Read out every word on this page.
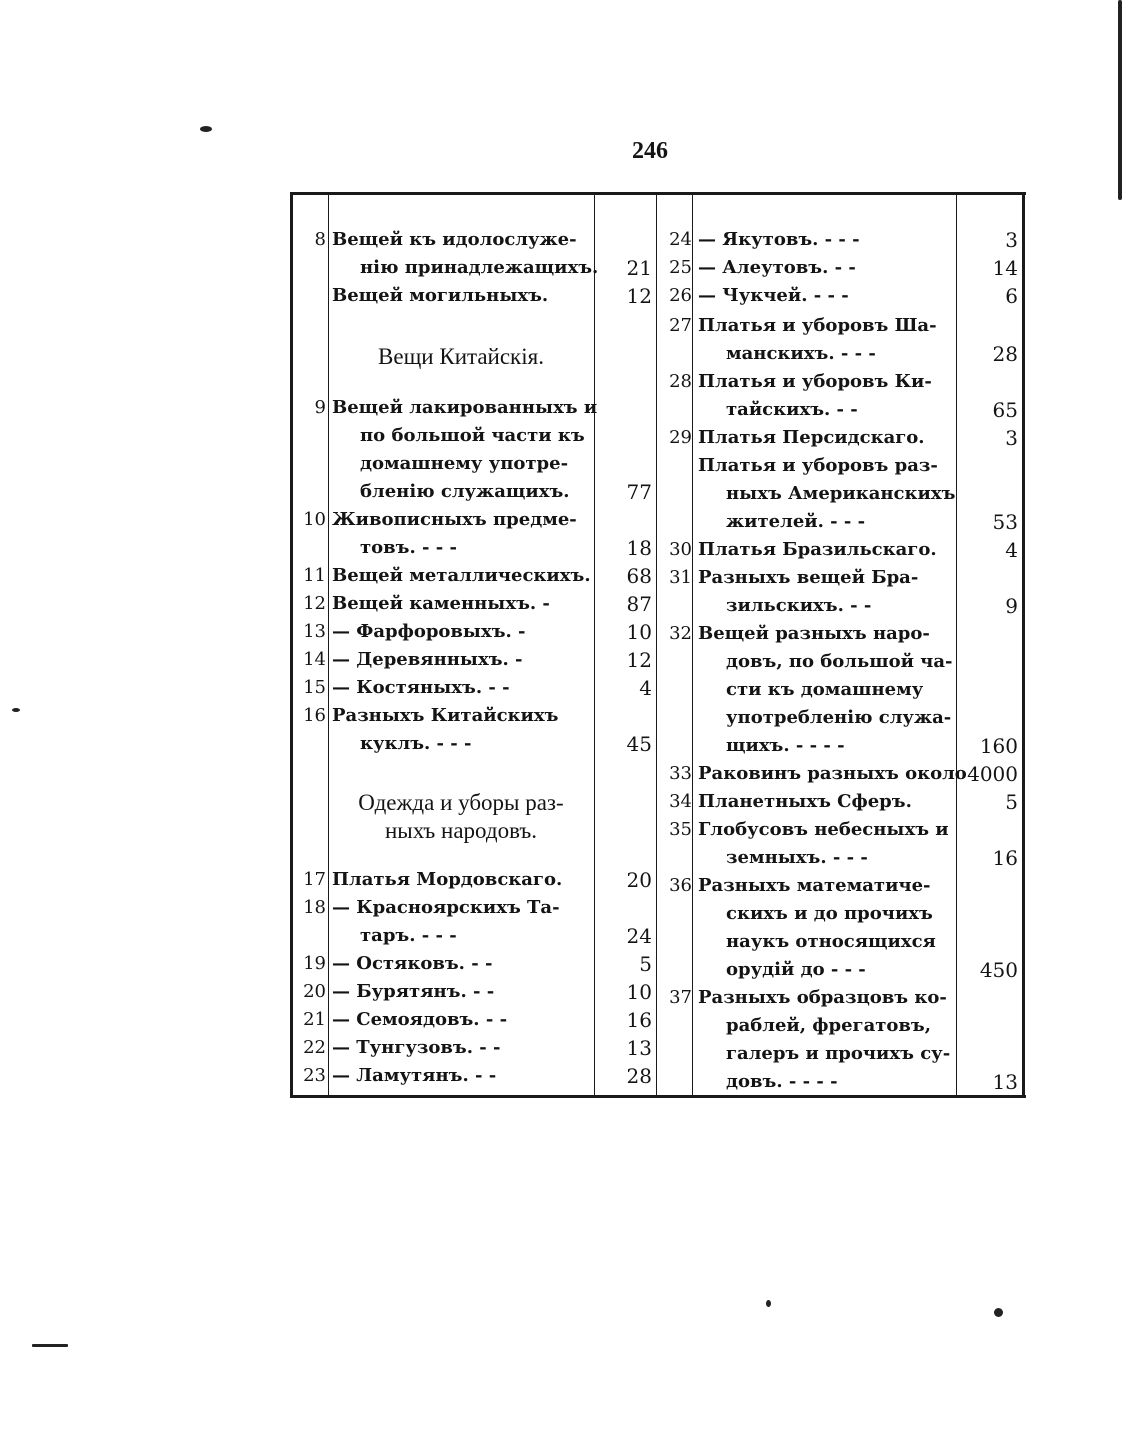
246
8 Вещей къ идолослуже-
нію принадлежащихъ. 21
Вещей могильныхъ.	12
Вещи Китайскія.
9 Вещей лакированныхъ и
по большой части къ
домашнему употре-
бленію служащихъ.	77
10 Живописныхъ предме-
товъ. - - -	18
11 Вещей металлическихъ. 68
12 Вещей каменныхъ. -	87
13 — Фарфоровыхъ. -	10
14 — Деревянныхъ. -	12
15 — Костяныхъ. - -	4
16 Разныхъ Китайскихъ
куклъ. - - -	45
Одежда и уборы раз-
ныхъ народовъ.
17 Платья Мордовскаго.	20
18 — Красноярскихъ Та-
таръ. - - -	24
19 — Остяковъ. - -	5
20 — Бурятянъ. - -	10
21 — Семоядовъ. - -	16
22 — Тунгузовъ. - -	13
23 — Ламутянъ. - -	28
24 — Якутовъ. - - -	3
25 — Алеутовъ. - -	14
26 — Чукчей. - - -	6
27 Платья и уборовъ Ша-
манскихъ. - - -	28
28 Платья и уборовъ Ки-
тайскихъ. - -	65
29 Платья Персидскаго.	3
Платья и уборовъ раз-
ныхъ Американскихъ
жителей. - - -	53
30 Платья Бразильскаго.	4
31 Разныхъ вещей Бра-
зильскихъ. - -	9
32 Вещей разныхъ наро-
довъ, по большой ча-
сти къ домашнему
употребленію служа-
щихъ. - - - -	160
33 Раковинъ разныхъ около 4000
34 Планетныхъ Сферъ.	5
35 Глобусовъ небесныхъ и
земныхъ. - - -	16
36 Разныхъ математиче-
скихъ и до прочихъ
наукъ относящихся
орудій до - - -	450
37 Разныхъ образцовъ ко-
раблей, фрегатовъ,
галеръ и прочихъ су-
довъ. - - - -	13
